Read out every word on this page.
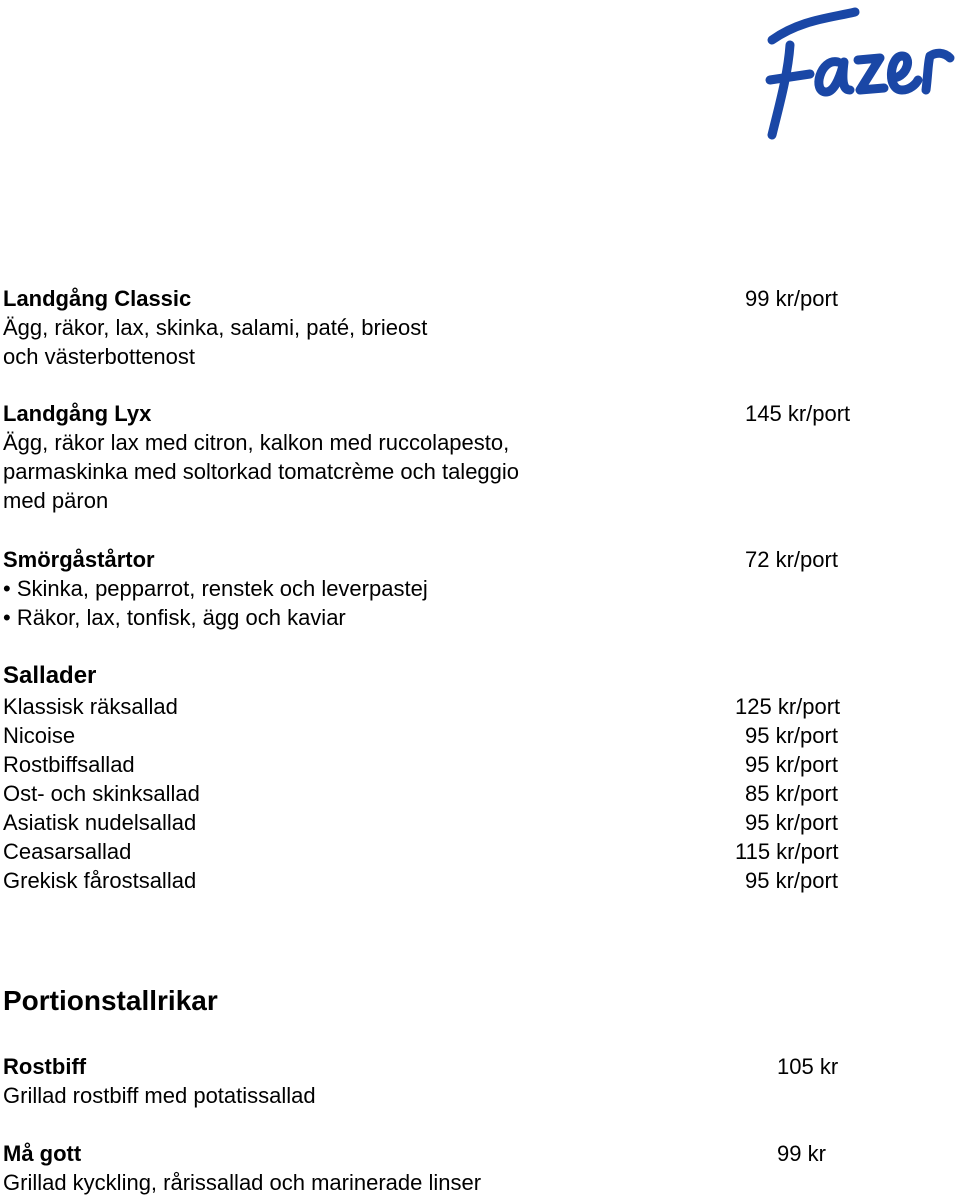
Landgång Classic
Ägg, räkor, lax, skinka, salami, paté, brieost
och västerbottenost
99 kr/port
Landgång Lyx
Ägg, räkor lax med citron, kalkon med ruccolapesto,
parmaskinka med soltorkad tomatcrème och taleggio
med päron
145 kr/port
Smörgåstårtor
• Skinka, pepparrot, renstek och leverpastej
• Räkor, lax, tonfisk, ägg och kaviar
72 kr/port
Sallader
Klassisk räksallad
Nicoise
Rostbiffsallad
Ost- och skinksallad
Asiatisk nudelsallad
Ceasarsallad
Grekisk fårostsallad
125 kr/port
95 kr/port
95 kr/port
85 kr/port
95 kr/port
115 kr/port
95 kr/port
Portionstallrikar
Rostbiff
Grillad rostbiff med potatissallad
105 kr
Må gott
Grillad kyckling, rårissallad och marinerade linser
99 kr
